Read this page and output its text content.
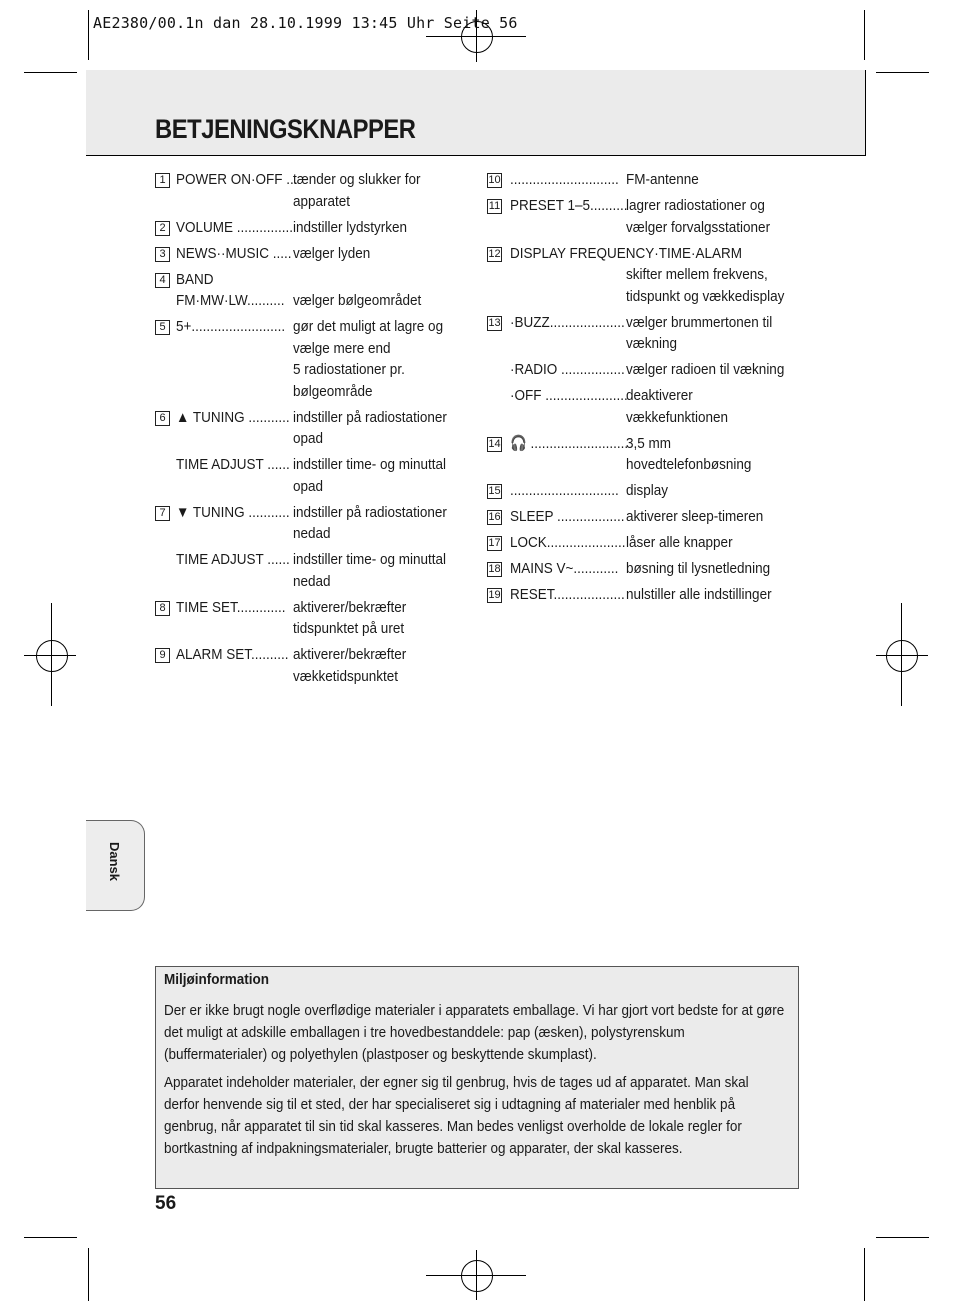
AE2380/00.1n dan 28.10.1999 13:45 Uhr Seite 56
BETJENINGSKNAPPER
1 POWER ON·OFF ...
tænder og slukker for
apparatet
2 VOLUME ............... indstiller lydstyrken
3 NEWS··MUSIC ..... vælger lyden
4 BAND
FM·MW·LW.......... vælger bølgeområdet
5 5+......................... gør det muligt at lagre og
vælge mere end
5 radiostationer pr.
bølgeområde
6 ▲ TUNING ........... indstiller på radiostationer
opad
TIME ADJUST ...... indstiller time- og minuttal
opad
7 ▼ TUNING ........... indstiller på radiostationer
nedad
TIME ADJUST ...... indstiller time- og minuttal
nedad
8 TIME SET............. aktiverer/bekræfter
tidspunktet på uret
9 ALARM SET.......... aktiverer/bekræfter
vækketidspunktet
10 ............................. FM-antenne
11 PRESET 1–5..........
lagrer radiostationer og
vælger forvalgsstationer
12 DISPLAY FREQUENCY·TIME·ALARM
skifter mellem frekvens,
tidspunkt og vækkedisplay
13 ·BUZZ.................... vælger brummertonen til
vækning
·RADIO ................. vælger radioen til vækning
·OFF ......................
deaktiverer
vækkefunktionen
14 🎧 ..........................
3,5 mm
hovedtelefonbøsning
15 ............................. display
16 SLEEP .................. aktiverer sleep-timeren
17 LOCK..................... låser alle knapper
18 MAINS V~............ bøsning til lysnetledning
19 RESET................... nulstiller alle indstillinger
Dansk
Miljøinformation
Der er ikke brugt nogle overflødige materialer i apparatets emballage. Vi har gjort vort bedste for at gøre det muligt at adskille emballagen i tre hovedbestanddele: pap (æsken), polystyrenskum (buffermaterialer) og polyethylen (plastposer og beskyttende skumplast).
Apparatet indeholder materialer, der egner sig til genbrug, hvis de tages ud af apparatet. Man skal derfor henvende sig til et sted, der har specialiseret sig i udtagning af materialer med henblik på genbrug, når apparatet til sin tid skal kasseres. Man bedes venligst overholde de lokale regler for bortkastning af indpakningsmaterialer, brugte batterier og apparater, der skal kasseres.
56
